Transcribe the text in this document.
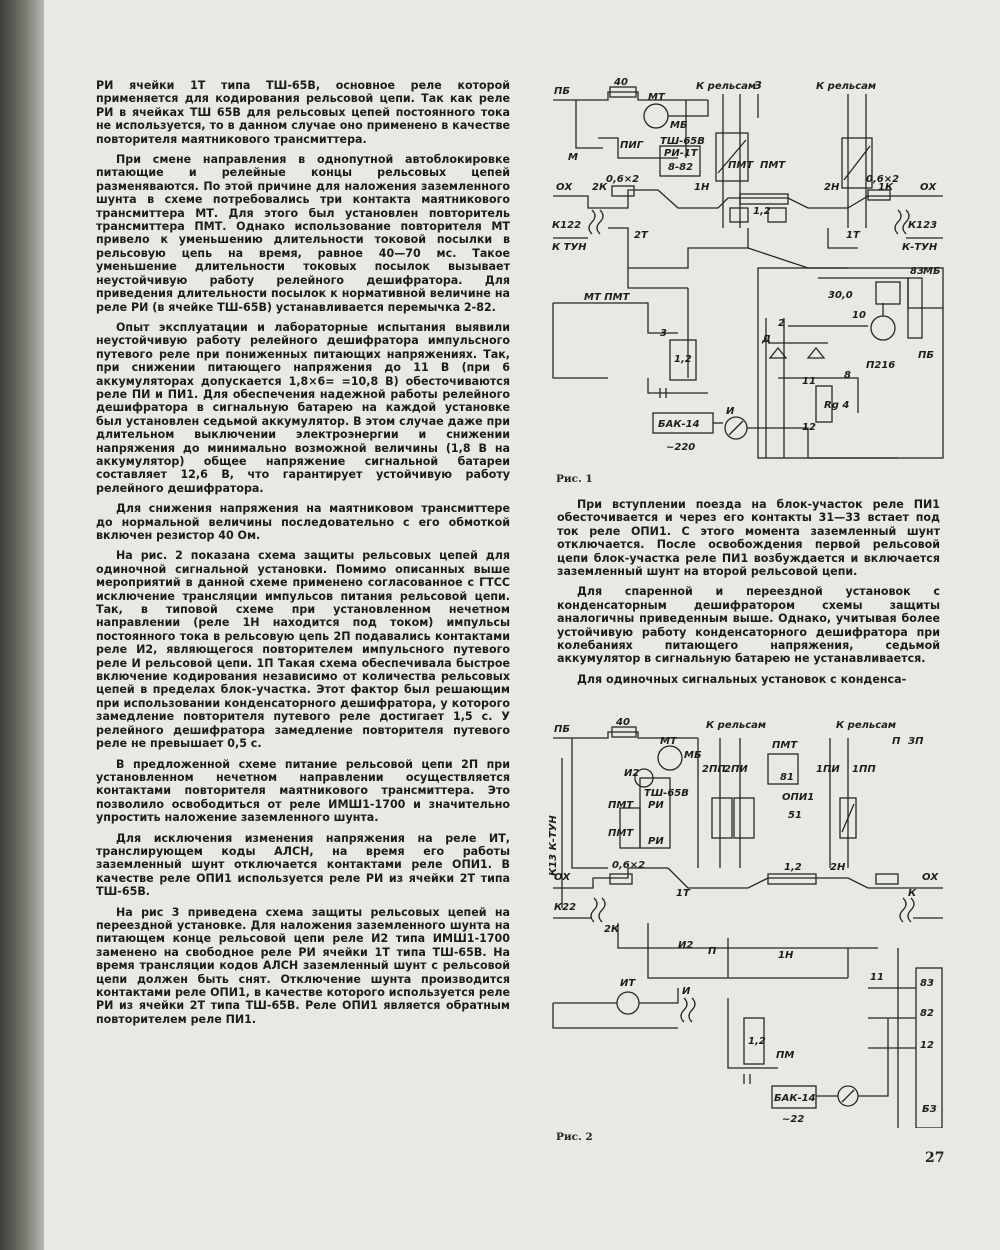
РИ ячейки 1Т типа ТШ-65В, основное реле которой применяется для кодирования рельсовой цепи. Так как реле РИ в ячейках ТШ 65В для рельсовых цепей постоянного тока не используется, то в данном случае оно применено в качестве повторителя маятникового трансмиттера.

При смене направления в однопутной автоблокировке питающие и релейные концы рельсовых цепей разменяваются. По этой причине для наложения заземленного шунта в схеме потребовались три контакта маятникового трансмиттера МТ. Для этого был установлен повторитель трансмиттера ПМТ. Однако использование повторителя МТ привело к уменьшению длительности токовой посылки в рельсовую цепь на время, равное 40—70 мс. Такое уменьшение длительности токовых посылок вызывает неустойчивую работу релейного дешифратора. Для приведения длительности посылок к нормативной величине на реле РИ (в ячейке ТШ-65В) устанавливается перемычка 2-82.

Опыт эксплуатации и лабораторные испытания выявили неустойчивую работу релейного дешифратора импульсного путевого реле при пониженных питающих напряжениях. Так, при снижении питающего напряжения до 11 В (при 6 аккумуляторах допускается 1,8×6= =10,8 В) обесточиваются реле ПИ и ПИ1. Для обеспечения надежной работы релейного дешифратора в сигнальную батарею на каждой установке был установлен седьмой аккумулятор. В этом случае даже при длительном выключении электроэнергии и снижении напряжения до минимально возможной величины (1,8 В на аккумулятор) общее напряжение сигнальной батареи составляет 12,6 В, что гарантирует устойчивую работу релейного дешифратора.

Для снижения напряжения на маятниковом трансмиттере до нормальной величины последовательно с его обмоткой включен резистор 40 Ом.

На рис. 2 показана схема защиты рельсовых цепей для одиночной сигнальной установки. Помимо описанных выше мероприятий в данной схеме применено согласованное с ГТСС исключение трансляции импульсов питания рельсовой цепи. Так, в типовой схеме при установленном нечетном направлении (реле 1Н находится под током) импульсы постоянного тока в рельсовую цепь 2П подавались контактами реле И2, являющегося повторителем импульсного путевого реле И рельсовой цепи. 1П Такая схема обеспечивала быстрое включение кодирования независимо от количества рельсовых цепей в пределах блок-участка. Этот фактор был решающим при использовании конденсаторного дешифратора, у которого замедление повторителя путевого реле достигает 1,5 с. У релейного дешифратора замедление повторителя путевого реле не превышает 0,5 с.

В предложенной схеме питание рельсовой цепи 2П при установленном нечетном направлении осуществляется контактами повторителя маятникового трансмиттера. Это позволило освободиться от реле ИМШ1-1700 и значительно упростить наложение заземленного шунта.

Для исключения изменения напряжения на реле ИТ, транслирующем коды АЛСН, на время его работы заземленный шунт отключается контактами реле ОПИ1. В качестве реле ОПИ1 используется реле РИ из ячейки 2Т типа ТШ-65В.

На рис 3 приведена схема защиты рельсовых цепей на переездной установке. Для наложения заземленного шунта на питающем конце рельсовой цепи реле И2 типа ИМШ1-1700 заменено на свободное реле РИ ячейки 1Т типа ТШ-65В. На время трансляции кодов АЛСН заземленный шунт с рельсовой цепи должен быть снят. Отключение шунта производится контактами реле ОПИ1, в качестве которого используется реле РИ из ячейки 2Т типа ТШ-65В. Реле ОПИ1 является обратным повторителем реле ПИ1.

ПБ
40
МТ
МБ
К рельсам
З	К рельсам
ПИГ ТШ-65В
РИ-1Т
8-82
М
1Н
ПМТ ПМТ
2Н	1К
ОХ	ОХ
2К
0,6×2	0,6×2
1,2
К122	К123
К ТУН	К-ТУН
2Т	1Т
МТ ПМТ
3
1,2
БАК-14
~220
И
30,0
83 МБ
10
П216
ПБ
Rg 4
11
8
12
Д
2
Рис. 1

При вступлении поезда на блок-участок реле ПИ1 обесточивается и через его контакты 31—33 встает под ток реле ОПИ1. С этого момента заземленный шунт отключается. После освобождения первой рельсовой цепи блок-участка реле ПИ1 возбуждается и включается заземленный шунт на второй рельсовой цепи.

Для спаренной и переездной установок с конденсаторным дешифратором схемы защиты аналогичны приведенным выше. Однако, учитывая более устойчивую работу конденсаторного дешифратора при колебаниях питающего напряжения, седьмой аккумулятор в сигнальную батарею не устанавливается.

Для одиночных сигнальных установок с конденса-

ПБ
40
МТ
МБ
К рельсам	К рельсам
2ПП
2ПИ	1ПИ 1ПП
ПМТ
ОПИ1
И2
ТШ-65В
РИ
РИ
ПМТ
ПМТ
К13 К-ТУН
ОХ	ОХ
0,6×2	1,2	2Н
1Т
1Н
К
И2
П
ИТ
И
1,2
ПМ
БАК-14
~22
БЗ
83
82
12
11
81
51
2К
К22
ЗП
П
Рис. 2
27
